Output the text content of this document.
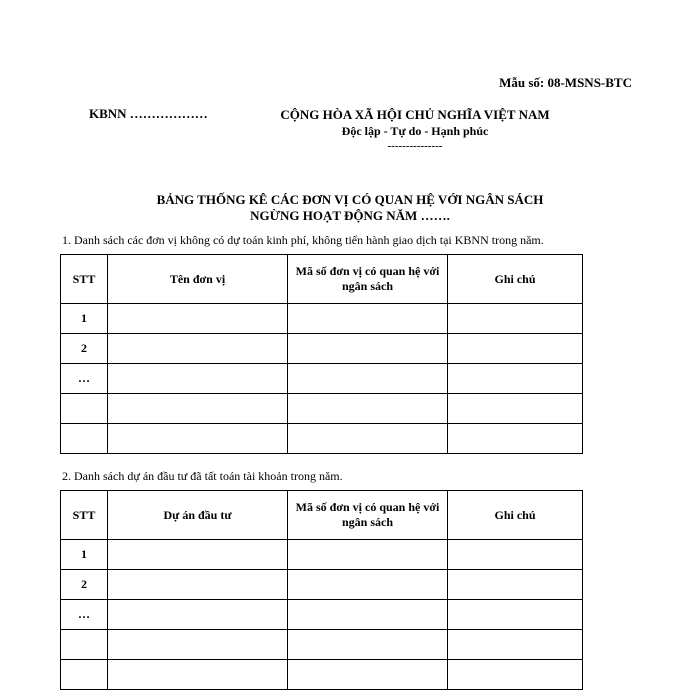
Mẫu số: 08-MSNS-BTC
KBNN ………………	CỘNG HÒA XÃ HỘI CHỦ NGHĨA VIỆT NAM
Độc lập - Tự do - Hạnh phúc
---------------
BẢNG THỐNG KÊ CÁC ĐƠN VỊ CÓ QUAN HỆ VỚI NGÂN SÁCH
NGỪNG HOẠT ĐỘNG NĂM …….
1. Danh sách các đơn vị không có dự toán kinh phí, không tiến hành giao dịch tại KBNN trong năm.
STT	Tên đơn vị	Mã số đơn vị có quan hệ với ngân sách	Ghi chú
1			
2			
…			

2. Danh sách dự án đầu tư đã tất toán tài khoản trong năm.
STT	Dự án đầu tư	Mã số đơn vị có quan hệ với ngân sách	Ghi chú
1			
2			
…			
